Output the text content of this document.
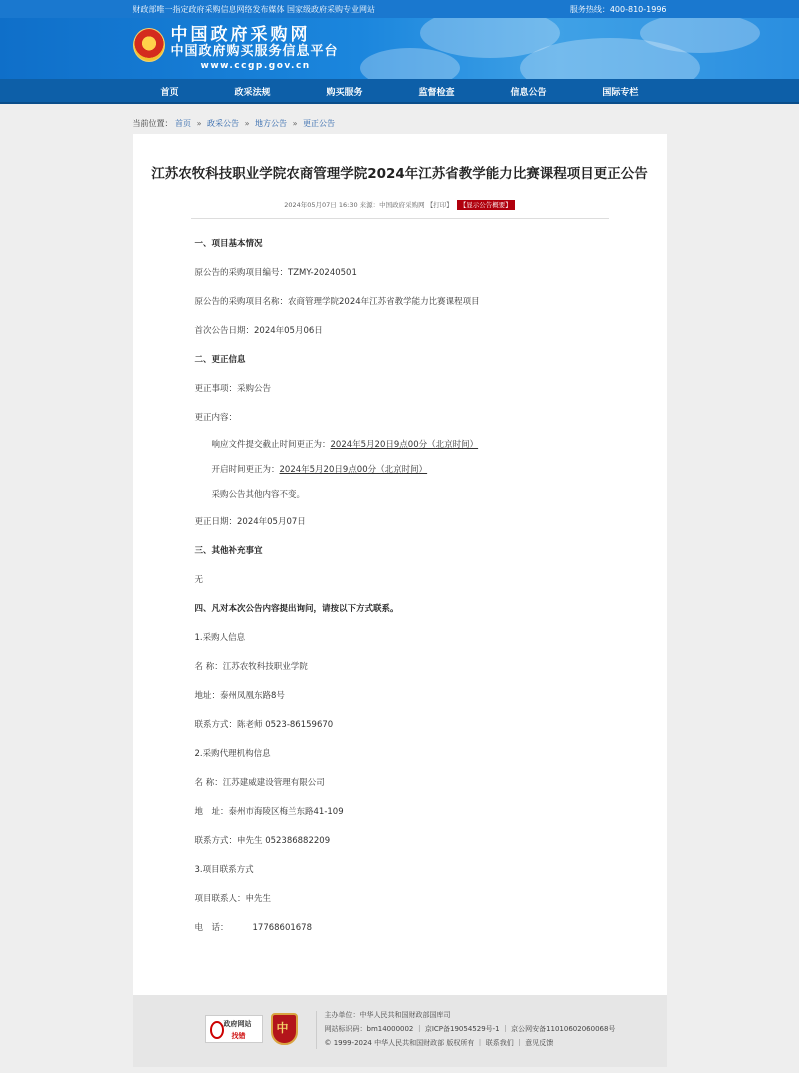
财政部唯一指定政府采购信息网络发布媒体 国家级政府采购专业网站	服务热线：400-810-1996
中国政府采购网
中国政府购买服务信息平台
www.ccgp.gov.cn
首页	政采法规	购买服务	监督检查	信息公告	国际专栏
当前位置： 首页 » 政采公告 » 地方公告 » 更正公告
江苏农牧科技职业学院农商管理学院2024年江苏省教学能力比赛课程项目更正公告
2024年05月07日 16:30 来源：中国政府采购网 【打印】 【显示公告概要】
一、项目基本情况
原公告的采购项目编号：TZMY-20240501
原公告的采购项目名称：农商管理学院2024年江苏省教学能力比赛课程项目
首次公告日期：2024年05月06日
二、更正信息
更正事项：采购公告
更正内容：
响应文件提交截止时间更正为：2024年5月20日9点00分（北京时间）
开启时间更正为：2024年5月20日9点00分（北京时间）
采购公告其他内容不变。
更正日期：2024年05月07日
三、其他补充事宜
无
四、凡对本次公告内容提出询问，请按以下方式联系。
1.采购人信息
名 称：江苏农牧科技职业学院
地址：泰州凤凰东路8号
联系方式：陈老师 0523-86159670
2.采购代理机构信息
名 称：江苏建威建设管理有限公司
地　址：泰州市海陵区梅兰东路41-109
联系方式：申先生 052386882209
3.项目联系方式
项目联系人：申先生
电　话：	17768601678
政府网站
找错
中
主办单位：中华人民共和国财政部国库司
网站标识码：bm14000002 ｜ 京ICP备19054529号-1 ｜ 京公网安备11010602060068号
© 1999-2024 中华人民共和国财政部 版权所有 ｜ 联系我们 ｜ 意见反馈
